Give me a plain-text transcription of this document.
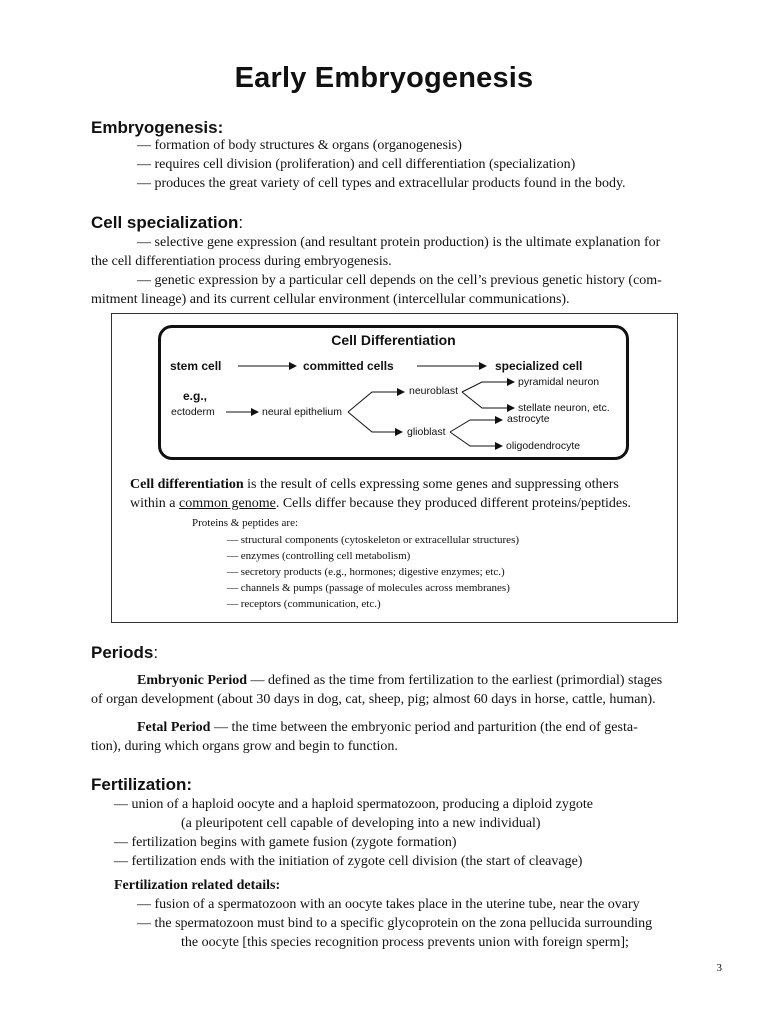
Early Embryogenesis
Embryogenesis:
— formation of body structures & organs (organogenesis)
— requires cell division (proliferation) and cell differentiation (specialization)
— produces the great variety of cell types and extracellular products found in the body.
Cell specialization:
— selective gene expression (and resultant protein production) is the ultimate explanation for
the cell differentiation process during embryogenesis.
— genetic expression by a particular cell depends on the cell’s previous genetic history (com-
mitment lineage) and its current cellular environment (intercellular communications).
Cell Differentiation
stem cell	committed cells	specialized cell
e.g.,
ectoderm	neural epithelium
neuroblast
glioblast
pyramidal neuron
stellate neuron, etc.
astrocyte
oligodendrocyte
Cell differentiation is the result of cells expressing some genes and suppressing others
within a common genome. Cells differ because they produced different proteins/peptides.
Proteins & peptides are:
— structural components (cytoskeleton or extracellular structures)
— enzymes (controlling cell metabolism)
— secretory products (e.g., hormones; digestive enzymes; etc.)
— channels & pumps (passage of molecules across membranes)
— receptors (communication, etc.)
Periods:
Embryonic Period — defined as the time from fertilization to the earliest (primordial) stages
of organ development (about 30 days in dog, cat, sheep, pig; almost 60 days in horse, cattle, human).
Fetal Period — the time between the embryonic period and parturition (the end of gesta-
tion), during which organs grow and begin to function.
Fertilization:
— union of a haploid oocyte and a haploid spermatozoon, producing a diploid zygote
(a pleuripotent cell capable of developing into a new individual)
— fertilization begins with gamete fusion (zygote formation)
— fertilization ends with the initiation of zygote cell division (the start of cleavage)
Fertilization related details:
— fusion of a spermatozoon with an oocyte takes place in the uterine tube, near the ovary
— the spermatozoon must bind to a specific glycoprotein on the zona pellucida surrounding
the oocyte [this species recognition process prevents union with foreign sperm];
3
